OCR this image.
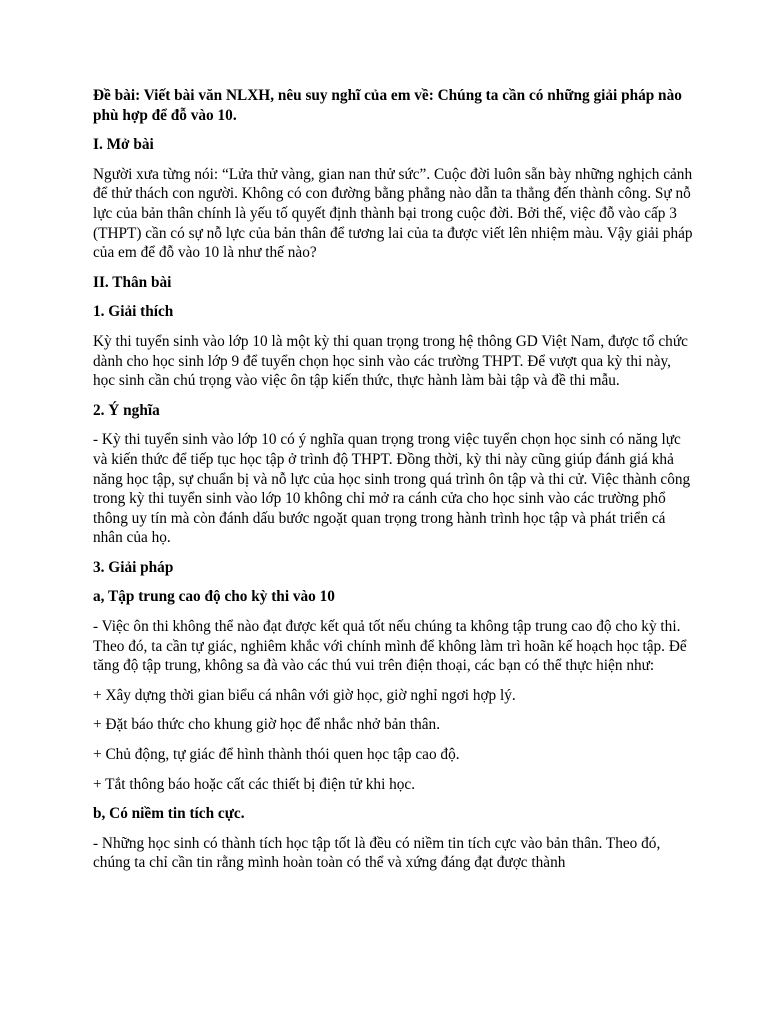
Đề bài: Viết bài văn NLXH, nêu suy nghĩ của em về: Chúng ta cần có những giải pháp nào phù hợp để đỗ vào 10.
I. Mở bài
Người xưa từng nói: “Lửa thử vàng, gian nan thử sức”. Cuộc đời luôn sẵn bày những nghịch cảnh để thử thách con người. Không có con đường bằng phẳng nào dẫn ta thẳng đến thành công. Sự nỗ lực của bản thân chính là yếu tố quyết định thành bại trong cuộc đời. Bởi thế, việc đỗ vào cấp 3 (THPT) cần có sự nỗ lực của bản thân để tương lai của ta được viết lên nhiệm màu. Vậy giải pháp của em để đỗ vào 10 là như thế nào?
II. Thân bài
1. Giải thích
Kỳ thi tuyển sinh vào lớp 10 là một kỳ thi quan trọng trong hệ thông GD Việt Nam, được tổ chức dành cho học sinh lớp 9 để tuyển chọn học sinh vào các trường THPT. Để vượt qua kỳ thi này, học sinh cần chú trọng vào việc ôn tập kiến thức, thực hành làm bài tập và đề thi mẫu.
2. Ý nghĩa
- Kỳ thi tuyển sinh vào lớp 10 có ý nghĩa quan trọng trong việc tuyển chọn học sinh có năng lực và kiến thức để tiếp tục học tập ở trình độ THPT. Đồng thời, kỳ thi này cũng giúp đánh giá khả năng học tập, sự chuẩn bị và nỗ lực của học sinh trong quá trình ôn tập và thi cử. Việc thành công trong kỳ thi tuyển sinh vào lớp 10 không chỉ mở ra cánh cửa cho học sinh vào các trường phổ thông uy tín mà còn đánh dấu bước ngoặt quan trọng trong hành trình học tập và phát triển cá nhân của họ.
3. Giải pháp
a, Tập trung cao độ cho kỳ thi vào 10
- Việc ôn thi không thể nào đạt được kết quả tốt nếu chúng ta không tập trung cao độ cho kỳ thi. Theo đó, ta cần tự giác, nghiêm khắc với chính mình để không làm trì hoãn kế hoạch học tập. Để tăng độ tập trung, không sa đà vào các thú vui trên điện thoại, các bạn có thể thực hiện như:
+ Xây dựng thời gian biểu cá nhân với giờ học, giờ nghỉ ngơi hợp lý.
+ Đặt báo thức cho khung giờ học để nhắc nhở bản thân.
+ Chủ động, tự giác để hình thành thói quen học tập cao độ.
+ Tắt thông báo hoặc cất các thiết bị điện tử khi học.
b, Có niềm tin tích cực.
- Những học sinh có thành tích học tập tốt là đều có niềm tin tích cực vào bản thân. Theo đó, chúng ta chỉ cần tin rằng mình hoàn toàn có thể và xứng đáng đạt được thành
